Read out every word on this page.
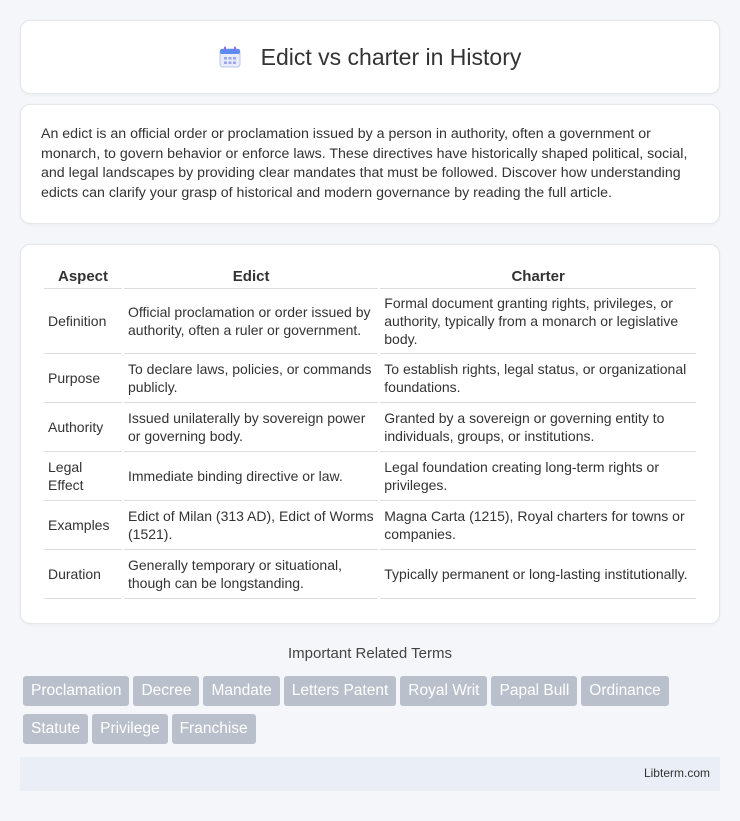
Edict vs charter in History

An edict is an official order or proclamation issued by a person in authority, often a government or monarch, to govern behavior or enforce laws. These directives have historically shaped political, social, and legal landscapes by providing clear mandates that must be followed. Discover how understanding edicts can clarify your grasp of historical and modern governance by reading the full article.

Aspect	Edict	Charter
Definition	Official proclamation or order issued by authority, often a ruler or government.	Formal document granting rights, privileges, or authority, typically from a monarch or legislative body.
Purpose	To declare laws, policies, or commands publicly.	To establish rights, legal status, or organizational foundations.
Authority	Issued unilaterally by sovereign power or governing body.	Granted by a sovereign or governing entity to individuals, groups, or institutions.
Legal Effect	Immediate binding directive or law.	Legal foundation creating long-term rights or privileges.
Examples	Edict of Milan (313 AD), Edict of Worms (1521).	Magna Carta (1215), Royal charters for towns or companies.
Duration	Generally temporary or situational, though can be longstanding.	Typically permanent or long-lasting institutionally.
Important Related Terms
Proclamation Decree Mandate Letters Patent Royal Writ Papal Bull Ordinance
Statute Privilege Franchise
Libterm.com
